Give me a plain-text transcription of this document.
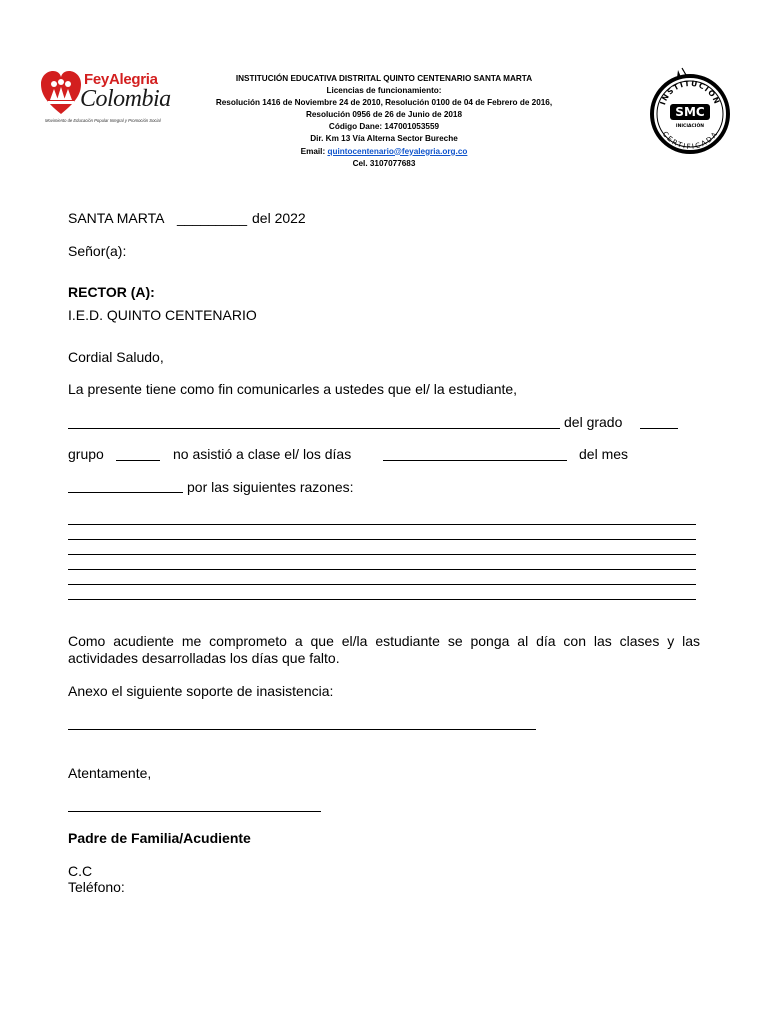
FeyAlegria
Colombia
Movimiento de Educación Popular Integral y Promoción Social
INSTITUCIÓN EDUCATIVA DISTRITAL QUINTO CENTENARIO SANTA MARTA
Licencias de funcionamiento:
Resolución 1416 de Noviembre 24 de 2010, Resolución 0100 de 04 de Febrero de 2016,
Resolución 0956 de 26 de Junio de 2018
Código Dane: 147001053559
Dir. Km 13 Vía Alterna Sector Bureche
Email: quintocentenario@feyalegria.org.co
Cel. 3107077683
INSTITUCION
CERTIFICADA
SMC
INICIACIÓN
SANTA MARTA _________ del 2022
Señor(a):
RECTOR (A):
I.E.D. QUINTO CENTENARIO
Cordial Saludo,
La presente tiene como fin comunicarles a ustedes que el/ la estudiante,
del grado
grupo	no asistió a clase el/ los días	del mes
por las siguientes razones:
Como acudiente me comprometo a que el/la estudiante se ponga al día con las clases y las actividades desarrolladas los días que falto.
Anexo el siguiente soporte de inasistencia:
Atentamente,
Padre de Familia/Acudiente
C.C
Teléfono:
